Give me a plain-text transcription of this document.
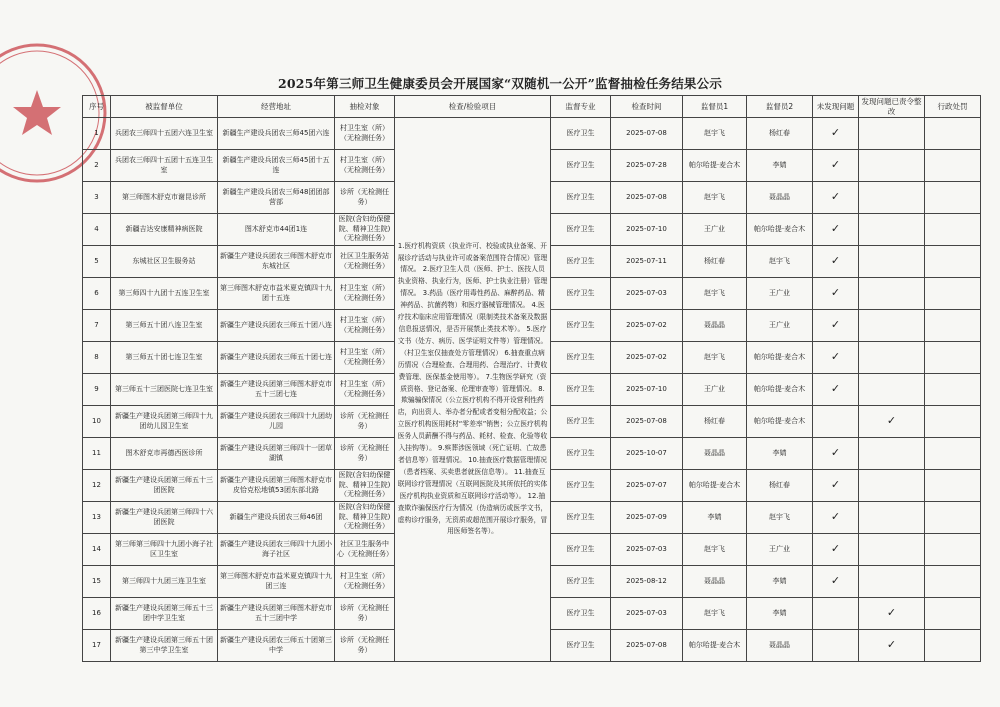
2025年第三师卫生健康委员会开展国家“双随机一公开”监督抽检任务结果公示
序号	被监督单位	经营地址	抽检对象	检查/检验项目	监督专业	检查时间	监督员1	监督员2	未发现问题	发现问题已责令整改	行政处罚
1	兵团农三师四十五团六连卫生室	新疆生产建设兵团农三师45团六连	村卫生室（所）（无检测任务）	1.医疗机构资质（执业许可、校验或执业备案、开展诊疗活动与执业许可或备案范围符合情况）管理情况。 2.医疗卫生人员（医师、护士、医技人员执业资格、执业行为，医师、护士执业注册）管理情况。 3.药品（医疗用毒性药品、麻醉药品、精神药品、抗菌药物）和医疗器械管理情况。 4.医疗技术临床应用管理情况（限制类技术备案及数据信息报送情况，是否开展禁止类技术等）。 5.医疗文书（处方、病历、医学证明文件等）管理情况。（村卫生室仅抽查处方管理情况） 6.抽查重点病历情况（合理检查、合理用药、合理治疗、计费收费管理、医保基金使用等）。 7.生物医学研究（资质资格、登记备案、伦理审查等）管理情况。 8.欺骗骗保情况（公立医疗机构不得开设营利性药店，向出资人、举办者分配或者变相分配收益；公立医疗机构医用耗材“零差率”销售；公立医疗机构医务人员薪酬不得与药品、耗材、检查、化验等收入挂钩等）。 9.殡葬涉医领域（死亡证明、亡故患者信息等）管理情况。 10.抽查医疗数据管理情况（患者档案、买卖患者就医信息等）。 11.抽查互联网诊疗管理情况（互联网医院及其所依托的实体医疗机构执业资质和互联网诊疗活动等）。 12.抽查欺诈骗保医疗行为情况（伪造病历或医学文书，虚构诊疗服务，无资质或超范围开展诊疗服务，冒用医师签名等）。	医疗卫生	2025-07-08	赵宇飞	杨红春	✓		
2	兵团农三师四十五团十五连卫生室	新疆生产建设兵团农三师45团十五连	村卫生室（所）（无检测任务）		医疗卫生	2025-07-28	帕尔哈提·麦合木	李婧	✓		
3	第三师图木舒克市谢昆诊所	新疆生产建设兵团农三师48团团部营部	诊所（无检测任务）		医疗卫生	2025-07-08	赵宇飞	聂晶晶	✓		
4	新疆吉达安康精神病医院	图木舒克市44团1连	医院(含妇幼保健院、精神卫生院)（无检测任务）		医疗卫生	2025-07-10	王广业	帕尔哈提·麦合木	✓		
5	东城社区卫生服务站	新疆生产建设兵团农三师图木舒克市东城社区	社区卫生服务站（无检测任务）		医疗卫生	2025-07-11	杨红春	赵宇飞	✓		
6	第三师四十九团十五连卫生室	第三师图木舒克市益米夏克镇四十九团十五连	村卫生室（所）（无检测任务）		医疗卫生	2025-07-03	赵宇飞	王广业	✓		
7	第三师五十团八连卫生室	新疆生产建设兵团农三师五十团八连	村卫生室（所）（无检测任务）		医疗卫生	2025-07-02	聂晶晶	王广业	✓		
8	第三师五十团七连卫生室	新疆生产建设兵团农三师五十团七连	村卫生室（所）（无检测任务）		医疗卫生	2025-07-02	赵宇飞	帕尔哈提·麦合木	✓		
9	第三师五十三团医院七连卫生室	新疆生产建设兵团第三师图木舒克市五十三团七连	村卫生室（所）（无检测任务）		医疗卫生	2025-07-10	王广业	帕尔哈提·麦合木	✓		
10	新疆生产建设兵团第三师四十九团幼儿园卫生室	新疆生产建设兵团农三师四十九团幼儿园	诊所（无检测任务）		医疗卫生	2025-07-08	杨红春	帕尔哈提·麦合木		✓	
11	图木舒克市再德西医诊所	新疆生产建设兵团第三师四十一团草湖镇	诊所（无检测任务）		医疗卫生	2025-10-07	聂晶晶	李婧	✓		
12	新疆生产建设兵团第三师五十三团医院	新疆生产建设兵团第三师图木舒克市皮恰克松地镇53团东部北路	医院(含妇幼保健院、精神卫生院)（无检测任务）		医疗卫生	2025-07-07	帕尔哈提·麦合木	杨红春	✓		
13	新疆生产建设兵团第三师四十六团医院	新疆生产建设兵团农三师46团	医院(含妇幼保健院、精神卫生院)（无检测任务）		医疗卫生	2025-07-09	李婧	赵宇飞	✓		
14	第三师第三师四十九团小海子社区卫生室	新疆生产建设兵团农三师四十九团小海子社区	社区卫生服务中心（无检测任务）		医疗卫生	2025-07-03	赵宇飞	王广业	✓		
15	第三师四十九团三连卫生室	第三师图木舒克市益米夏克镇四十九团三连	村卫生室（所）（无检测任务）		医疗卫生	2025-08-12	聂晶晶	李婧	✓		
16	新疆生产建设兵团第三师五十三团中学卫生室	新疆生产建设兵团第三师图木舒克市五十三团中学	诊所（无检测任务）		医疗卫生	2025-07-03	赵宇飞	李婧		✓	
17	新疆生产建设兵团第三师五十团第三中学卫生室	新疆生产建设兵团农三师五十团第三中学	诊所（无检测任务）		医疗卫生	2025-07-08	帕尔哈提·麦合木	聂晶晶		✓	
